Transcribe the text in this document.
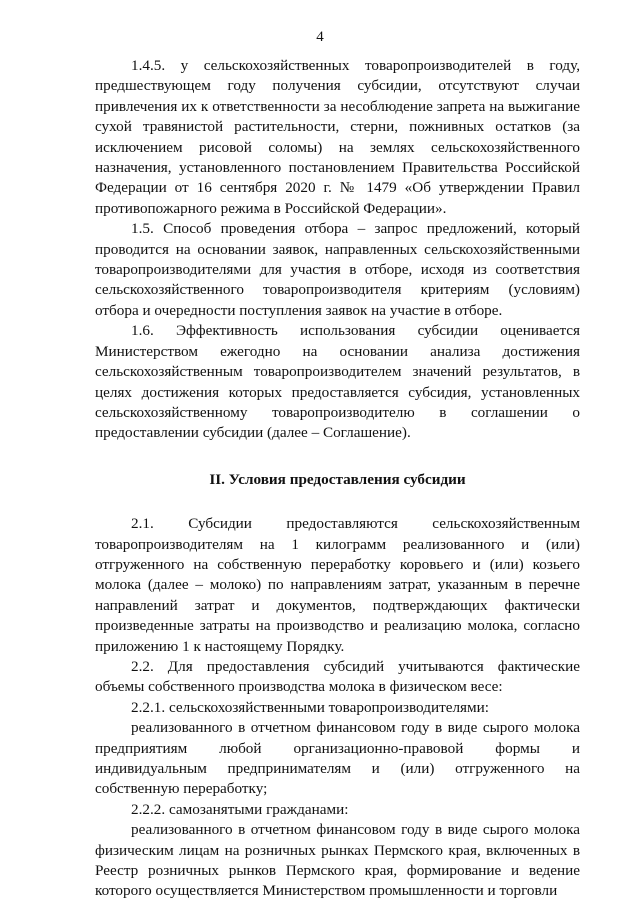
4

1.4.5. у сельскохозяйственных товаропроизводителей в году, предшествующем году получения субсидии, отсутствуют случаи привлечения их к ответственности за несоблюдение запрета на выжигание сухой травянистой растительности, стерни, пожнивных остатков (за исключением рисовой соломы) на землях сельскохозяйственного назначения, установленного постановлением Правительства Российской Федерации от 16 сентября 2020 г. № 1479 «Об утверждении Правил противопожарного режима в Российской Федерации».

1.5. Способ проведения отбора – запрос предложений, который проводится на основании заявок, направленных сельскохозяйственными товаропроизводителями для участия в отборе, исходя из соответствия сельскохозяйственного товаропроизводителя критериям (условиям) отбора и очередности поступления заявок на участие в отборе.

1.6. Эффективность использования субсидии оценивается Министерством ежегодно на основании анализа достижения сельскохозяйственным товаропроизводителем значений результатов, в целях достижения которых предоставляется субсидия, установленных сельскохозяйственному товаропроизводителю в соглашении о предоставлении субсидии (далее – Соглашение).

II. Условия предоставления субсидии

2.1. Субсидии предоставляются сельскохозяйственным товаропроизводителям на 1 килограмм реализованного и (или) отгруженного на собственную переработку коровьего и (или) козьего молока (далее – молоко) по направлениям затрат, указанным в перечне направлений затрат и документов, подтверждающих фактически произведенные затраты на производство и реализацию молока, согласно приложению 1 к настоящему Порядку.

2.2. Для предоставления субсидий учитываются фактические объемы собственного производства молока в физическом весе:

2.2.1. сельскохозяйственными товаропроизводителями:

реализованного в отчетном финансовом году в виде сырого молока предприятиям любой организационно-правовой формы и индивидуальным предпринимателям и (или) отгруженного на собственную переработку;

2.2.2. самозанятыми гражданами:

реализованного в отчетном финансовом году в виде сырого молока физическим лицам на розничных рынках Пермского края, включенных в Реестр розничных рынков Пермского края, формирование и ведение которого осуществляется Министерством промышленности и торговли
